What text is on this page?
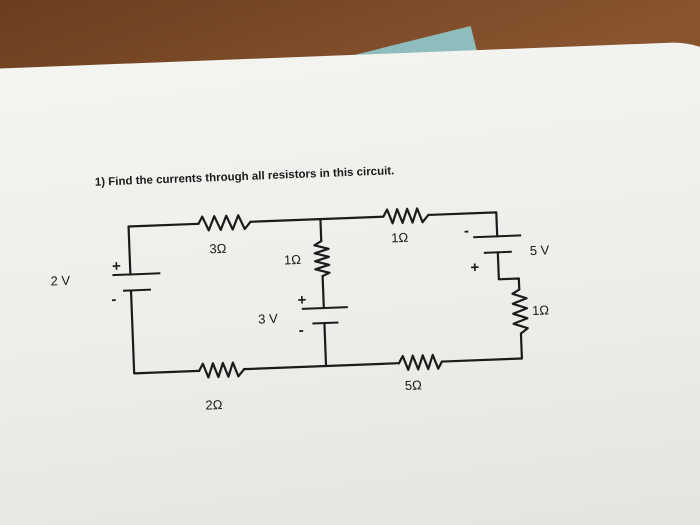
1) Find the currents through all resistors in this circuit.
2 V
+
-
3 V
+
-
5 V
+
-
3Ω
1Ω
1Ω
1Ω
2Ω
5Ω
